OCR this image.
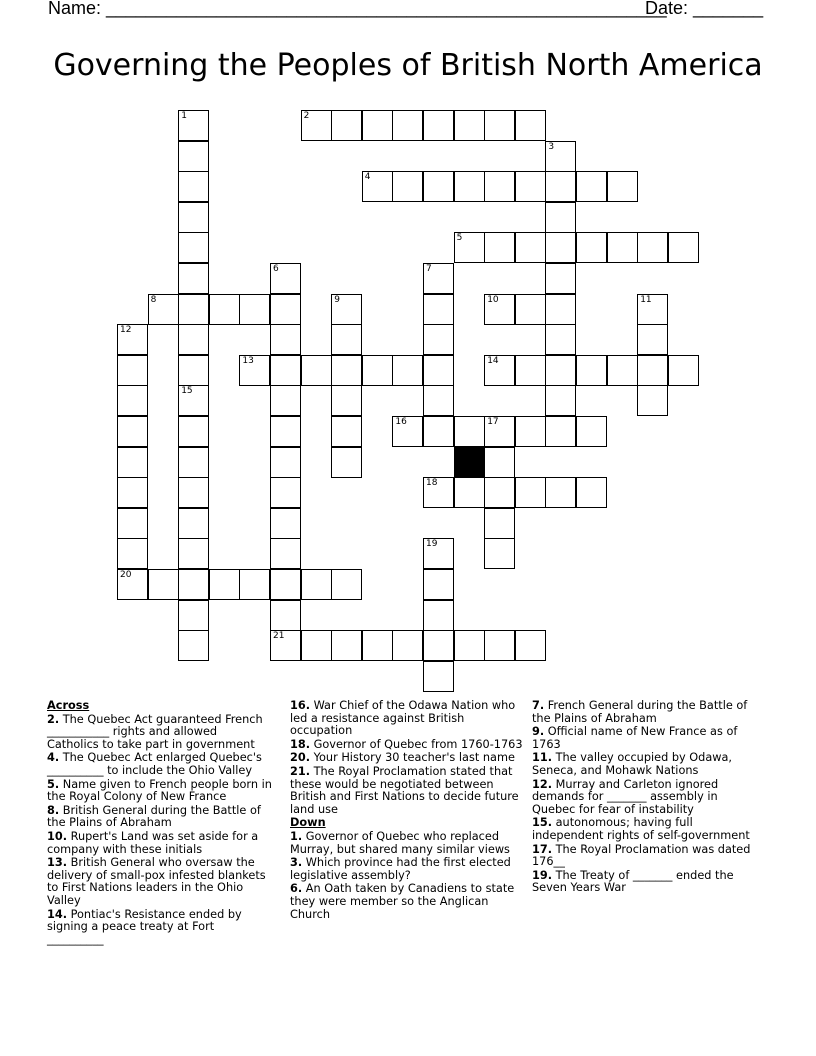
Name: ________________________________________________________
Date: _______
Governing the Peoples of British North America
1	2
3
4
5
6
21
7
8	9	10	11
12
13	14
15
16	17
18
19
20

Across

2. The Quebec Act guaranteed French ___________ rights and allowed Catholics to take part in government

4. The Quebec Act enlarged Quebec's __________ to include the Ohio Valley

5. Name given to French people born in the Royal Colony of New France

8. British General during the Battle of the Plains of Abraham

10. Rupert's Land was set aside for a company with these initials

13. British General who oversaw the delivery of small-pox infested blankets to First Nations leaders in the Ohio Valley

14. Pontiac's Resistance ended by signing a peace treaty at Fort __________

16. War Chief of the Odawa Nation who led a resistance against British occupation

18. Governor of Quebec from 1760-1763

20. Your History 30 teacher's last name

21. The Royal Proclamation stated that these would be negotiated between British and First Nations to decide future land use

Down

1. Governor of Quebec who replaced Murray, but shared many similar views

3. Which province had the first elected legislative assembly?

6. An Oath taken by Canadiens to state they were member so the Anglican Church

7. French General during the Battle of the Plains of Abraham

9. Official name of New France as of 1763

11. The valley occupied by Odawa, Seneca, and Mohawk Nations

12. Murray and Carleton ignored demands for _______ assembly in Quebec for fear of instability

15. autonomous; having full independent rights of self-government

17. The Royal Proclamation was dated 176__

19. The Treaty of _______ ended the Seven Years War
